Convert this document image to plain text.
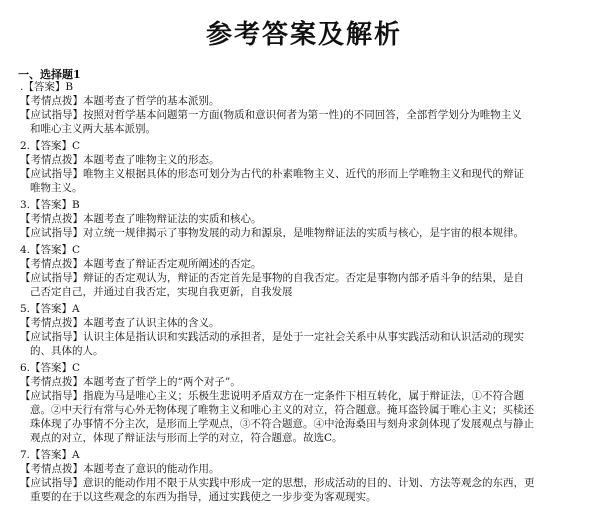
参考答案及解析
一、选择题1
.【答案】B
【考情点拨】本题考查了哲学的基本派别。
【应试指导】按照对哲学基本问题第一方面(物质和意识何者为第一性)的不同回答，全部哲学划分为唯物主义
和唯心主义两大基本派别。
2.【答案】C
【考情点拨】本题考查了唯物主义的形态。
【应试指导】唯物主义根据具体的形态可划分为古代的朴素唯物主义、近代的形而上学唯物主义和现代的辩证
唯物主义。
3.【答案】B
【考情点拨】本题考查了唯物辩证法的实质和核心。
【应试指导】对立统一规律揭示了事物发展的动力和源泉，是唯物辩证法的实质与核心，是宇宙的根本规律。
4.【答案】C
【考情点拨】本题考查了辩证否定观所阐述的否定。
【应试指导】辩证的否定观认为，辩证的否定首先是事物的自我否定。否定是事物内部矛盾斗争的结果，是自
己否定自己，并通过自我否定，实现自我更新，自我发展
5.【答案】A
【考情点拨】本题考查了认识主体的含义。
【应试指导】认识主体是指认识和实践活动的承担者，是处于一定社会关系中从事实践活动和认识活动的现实
的、具体的人。
6.【答案】C
【考情点拨】本题考查了哲学上的“两个对子”。
【应试指导】指鹿为马是唯心主义；乐极生悲说明矛盾双方在一定条件下相互转化，属于辩证法，①不符合题
意。②中天行有常与心外无物体现了唯物主义和唯心主义的对立，符合题意。掩耳盗铃属于唯心主义；买椟还
珠体现了办事情不分主次，是形而上学观点，③不符合题意。④中沧海桑田与刻舟求剑体现了发展观点与静止
观点的对立，体现了辩证法与形而上学的对立，符合题意。故选C。
7.【答案】A
【考情点拨】本题考查了意识的能动作用。
【应试指导】意识的能动作用不限于从实践中形成一定的思想，形成活动的目的、计划、方法等观念的东西，更
重要的在于以这些观念的东西为指导，通过实践使之一步步变为客观现实。
